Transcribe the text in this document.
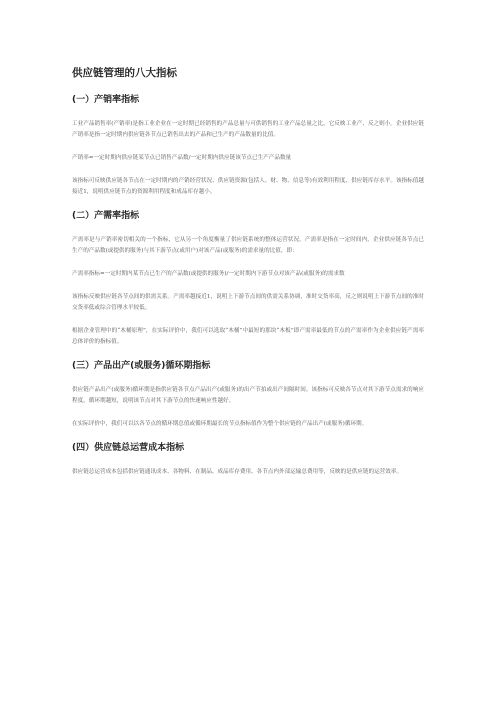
供应链管理的八大指标
(一）产销率指标

工业产品销售率(产销率)是指工业企业在一定时期已经销售的产品总量与可供销售的工业产品总量之比，它反映工业产、反之则小。企业供应链产销率是指一定时期内供应链各节点已销售出去的产品和已生产的产品数量的比值。

产销率=一定时期内供应链某节点已销售产品数/一定时期内供应链该节点已生产产品数量

该指标可反映供应链各节点在一定时期内的产销经营状况、供应链资源(包括人、财、物、信息等)有效利用程度、供应链库存水平。该指标值越接近1，说明供应链节点的资源利用程度和成品库存越小。

(二）产需率指标

产需率是与产销率密切相关的一个指标，它从另一个角度衡量了供应链系统的整体运营状况。产需率是指在一定时间内，企业供应链各节点已生产的产品数(或提供的服务)与其下游节点(或用户)对该产品(或服务)的需求量的比值，即：

产需率指标=一定时期内某节点已生产的产品数(或提供的服务)/一定时期内下游节点对该产品(或服务)的需求数

该指标反映供应链各节点间的供需关系。产需率越接近1，说明上下游节点间的供需关系协调，准时交货率高，反之则说明上下游节点间的准时交货率低或综合管理水平较低。

根据企业管理中的“木桶原理”，在实际评价中，我们可以选取“木桶”中最短的那块“木板”即产需率最低的节点的产需率作为企业供应链产需率总体评价的指标值。

(三）产品出产(或服务)循环期指标

供应链产品出产(或服务)循环期是指供应链各节点产品出产(或服务)的出产节拍或出产间隔时间。该指标可反映各节点对其下游节点需求的响应程度。循环期越短，说明该节点对其下游节点的快速响应性越好。

在实际评价中，我们可以以各节点的循环期总值或循环期最长的节点指标值作为整个供应链的产品出产(或服务)循环期。

(四）供应链总运营成本指标

供应链总运营成本包括供应链通讯成本、各物料、在制品、成品库存费用、各节点内外部运输总费用等，反映的是供应链的运营效率。
